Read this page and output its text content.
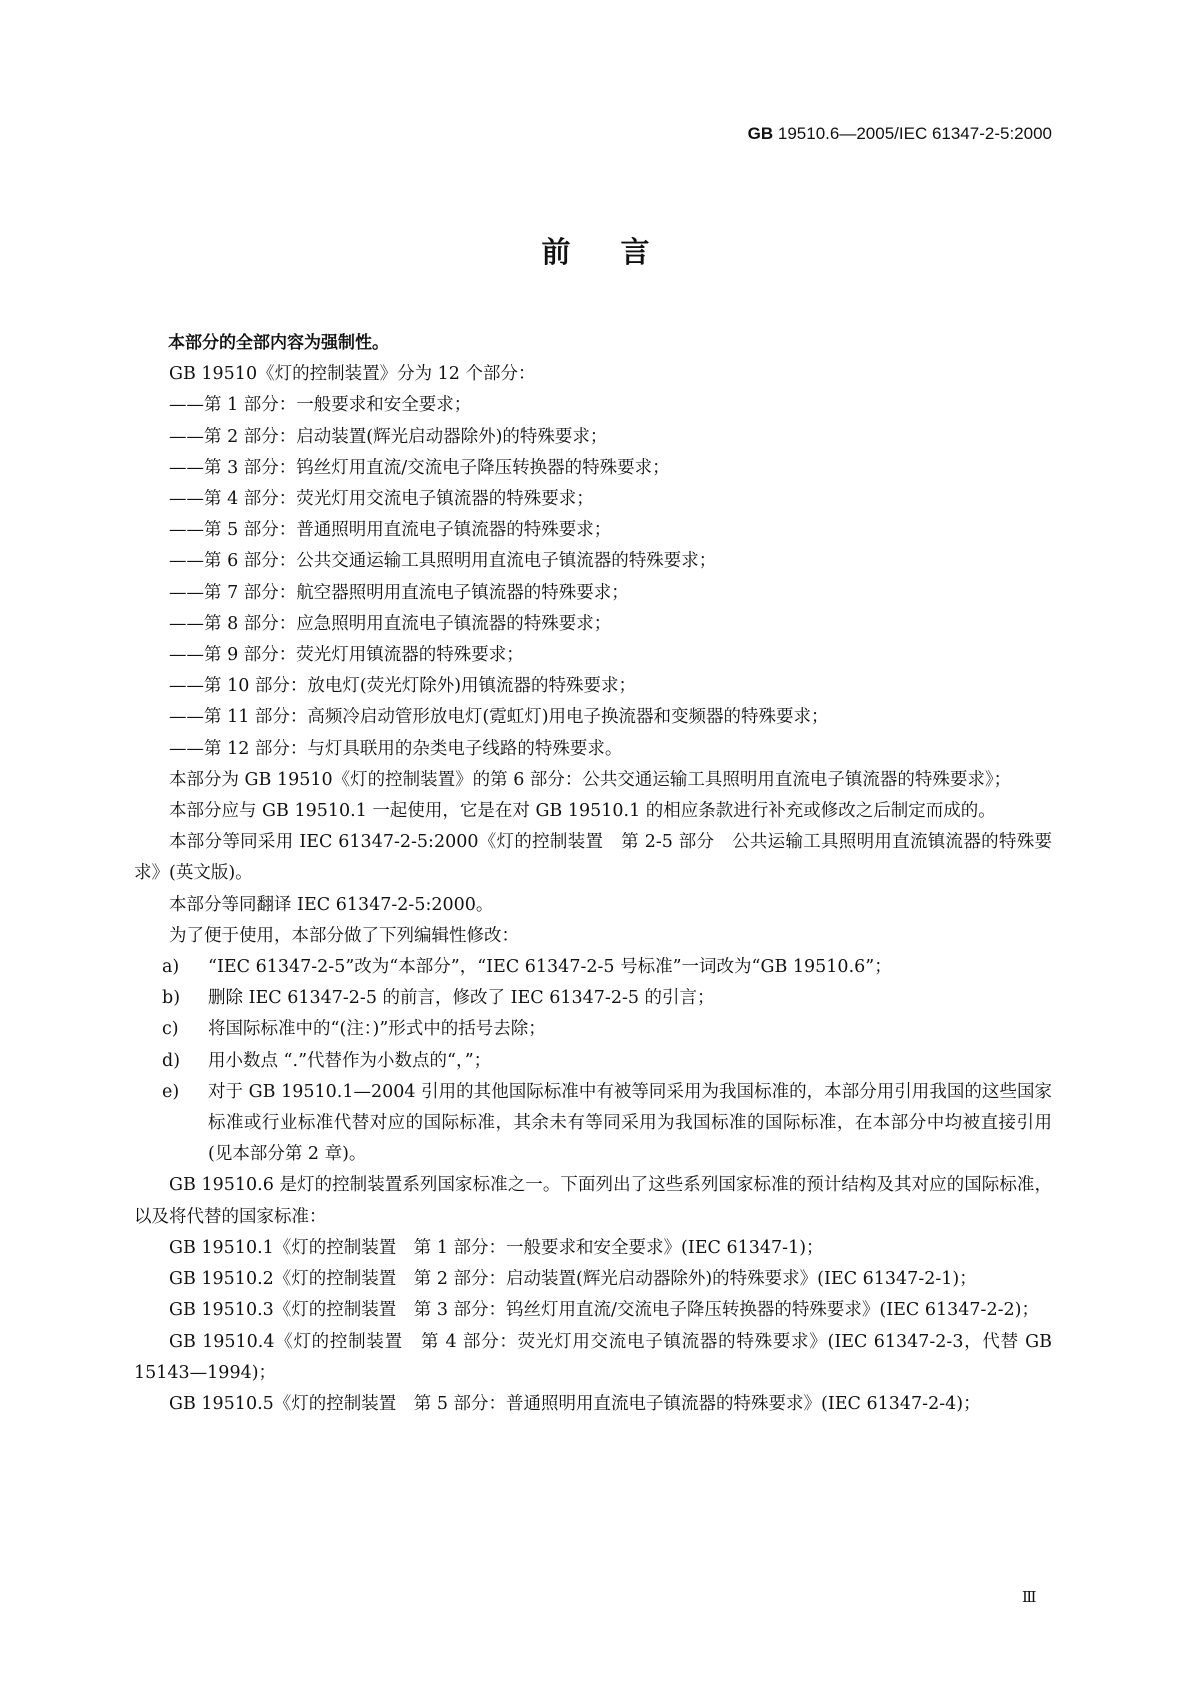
GB 19510.6—2005/IEC 61347-2-5:2000
前言

本部分的全部内容为强制性。

GB 19510《灯的控制装置》分为 12 个部分：

——第 1 部分：一般要求和安全要求；

——第 2 部分：启动装置(辉光启动器除外)的特殊要求；

——第 3 部分：钨丝灯用直流/交流电子降压转换器的特殊要求；

——第 4 部分：荧光灯用交流电子镇流器的特殊要求；

——第 5 部分：普通照明用直流电子镇流器的特殊要求；

——第 6 部分：公共交通运输工具照明用直流电子镇流器的特殊要求；

——第 7 部分：航空器照明用直流电子镇流器的特殊要求；

——第 8 部分：应急照明用直流电子镇流器的特殊要求；

——第 9 部分：荧光灯用镇流器的特殊要求；

——第 10 部分：放电灯(荧光灯除外)用镇流器的特殊要求；

——第 11 部分：高频冷启动管形放电灯(霓虹灯)用电子换流器和变频器的特殊要求；

——第 12 部分：与灯具联用的杂类电子线路的特殊要求。

本部分为 GB 19510《灯的控制装置》的第 6 部分：公共交通运输工具照明用直流电子镇流器的特殊要求》；

本部分应与 GB 19510.1 一起使用，它是在对 GB 19510.1 的相应条款进行补充或修改之后制定而成的。

本部分等同采用 IEC 61347-2-5:2000《灯的控制装置　第 2-5 部分　公共运输工具照明用直流镇流器的特殊要求》(英文版)。

本部分等同翻译 IEC 61347-2-5:2000。

为了便于使用，本部分做了下列编辑性修改：

a) “IEC 61347-2-5”改为“本部分”，“IEC 61347-2-5 号标准”一词改为“GB 19510.6”；

b) 删除 IEC 61347-2-5 的前言，修改了 IEC 61347-2-5 的引言；

c) 将国际标准中的“(注：)”形式中的括号去除；

d) 用小数点 “.”代替作为小数点的“，”；

e) 对于 GB 19510.1—2004 引用的其他国际标准中有被等同采用为我国标准的，本部分用引用我国的这些国家标准或行业标准代替对应的国际标准，其余未有等同采用为我国标准的国际标准，在本部分中均被直接引用(见本部分第 2 章)。

GB 19510.6 是灯的控制装置系列国家标准之一。下面列出了这些系列国家标准的预计结构及其对应的国际标准，以及将代替的国家标准：

GB 19510.1《灯的控制装置　第 1 部分：一般要求和安全要求》(IEC 61347-1)；

GB 19510.2《灯的控制装置　第 2 部分：启动装置(辉光启动器除外)的特殊要求》(IEC 61347-2-1)；

GB 19510.3《灯的控制装置　第 3 部分：钨丝灯用直流/交流电子降压转换器的特殊要求》(IEC 61347-2-2)；

GB 19510.4《灯的控制装置　第 4 部分：荧光灯用交流电子镇流器的特殊要求》(IEC 61347-2-3，代替 GB 15143—1994)；

GB 19510.5《灯的控制装置　第 5 部分：普通照明用直流电子镇流器的特殊要求》(IEC 61347-2-4)；

Ⅲ
